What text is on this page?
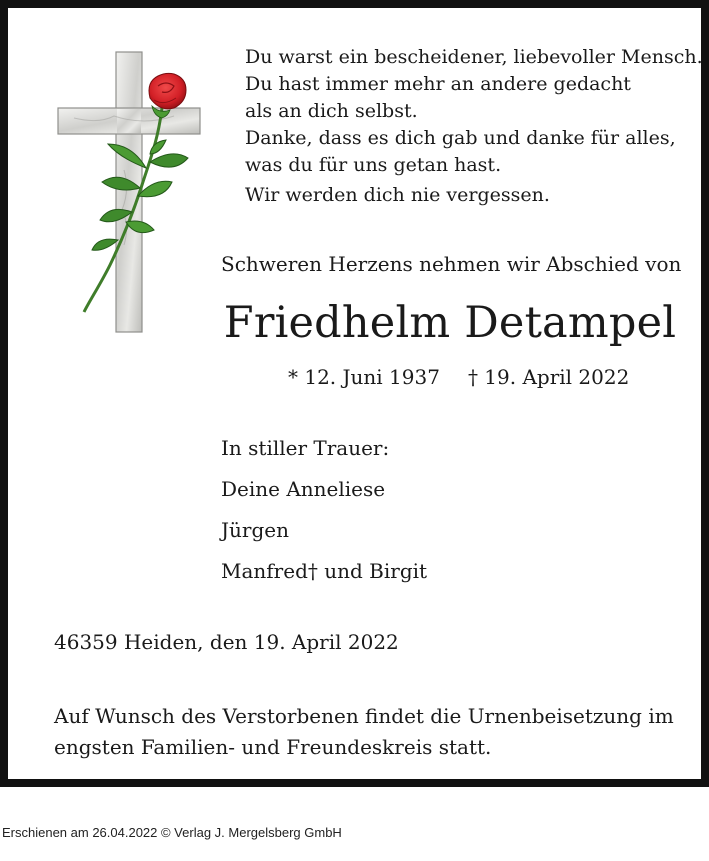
Du warst ein bescheidener, liebevoller Mensch.
Du hast immer mehr an andere gedacht
als an dich selbst.
Danke, dass es dich gab und danke für alles,
was du für uns getan hast.
Wir werden dich nie vergessen.
Schweren Herzens nehmen wir Abschied von
Friedhelm Detampel
* 12. Juni 1937 † 19. April 2022
In stiller Trauer:
Deine Anneliese
Jürgen
Manfred† und Birgit
46359 Heiden, den 19. April 2022

Auf Wunsch des Verstorbenen findet die Urnenbeisetzung im
engsten Familien- und Freundeskreis statt.

Erschienen am 26.04.2022 © Verlag J. Mergelsberg GmbH
